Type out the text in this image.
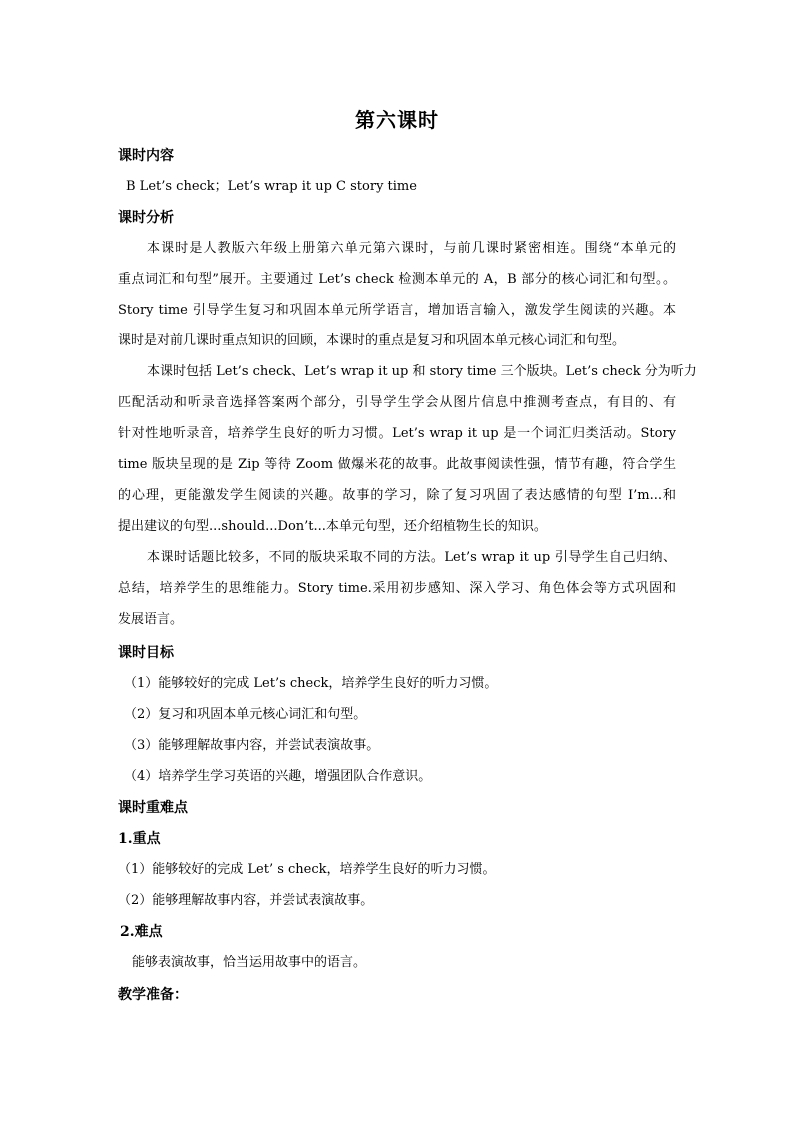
第六课时
课时内容
B Let’s check；Let’s wrap it up C story time
课时分析
本课时是人教版六年级上册第六单元第六课时，与前几课时紧密相连。围绕“本单元的
重点词汇和句型”展开。主要通过 Let’s check 检测本单元的 A，B 部分的核心词汇和句型。。
Story time 引导学生复习和巩固本单元所学语言，增加语言输入，激发学生阅读的兴趣。本
课时是对前几课时重点知识的回顾，本课时的重点是复习和巩固本单元核心词汇和句型。
本课时包括 Let’s check、Let’s wrap it up 和 story time 三个版块。Let’s check 分为听力
匹配活动和听录音选择答案两个部分，引导学生学会从图片信息中推测考查点，有目的、有
针对性地听录音，培养学生良好的听力习惯。Let’s wrap it up 是一个词汇归类活动。Story
time 版块呈现的是 Zip 等待 Zoom 做爆米花的故事。此故事阅读性强，情节有趣，符合学生
的心理，更能激发学生阅读的兴趣。故事的学习，除了复习巩固了表达感情的句型 I’m...和
提出建议的句型...should...Don’t...本单元句型，还介绍植物生长的知识。
本课时话题比较多，不同的版块采取不同的方法。Let’s wrap it up 引导学生自己归纳、
总结，培养学生的思维能力。Story time.采用初步感知、深入学习、角色体会等方式巩固和
发展语言。
课时目标
（1）能够较好的完成 Let’s check，培养学生良好的听力习惯。
（2）复习和巩固本单元核心词汇和句型。
（3）能够理解故事内容，并尝试表演故事。
（4）培养学生学习英语的兴趣，增强团队合作意识。
课时重难点
1.重点
（1）能够较好的完成 Let’ s check，培养学生良好的听力习惯。
（2）能够理解故事内容，并尝试表演故事。
2.难点
能够表演故事，恰当运用故事中的语言。
教学准备：
